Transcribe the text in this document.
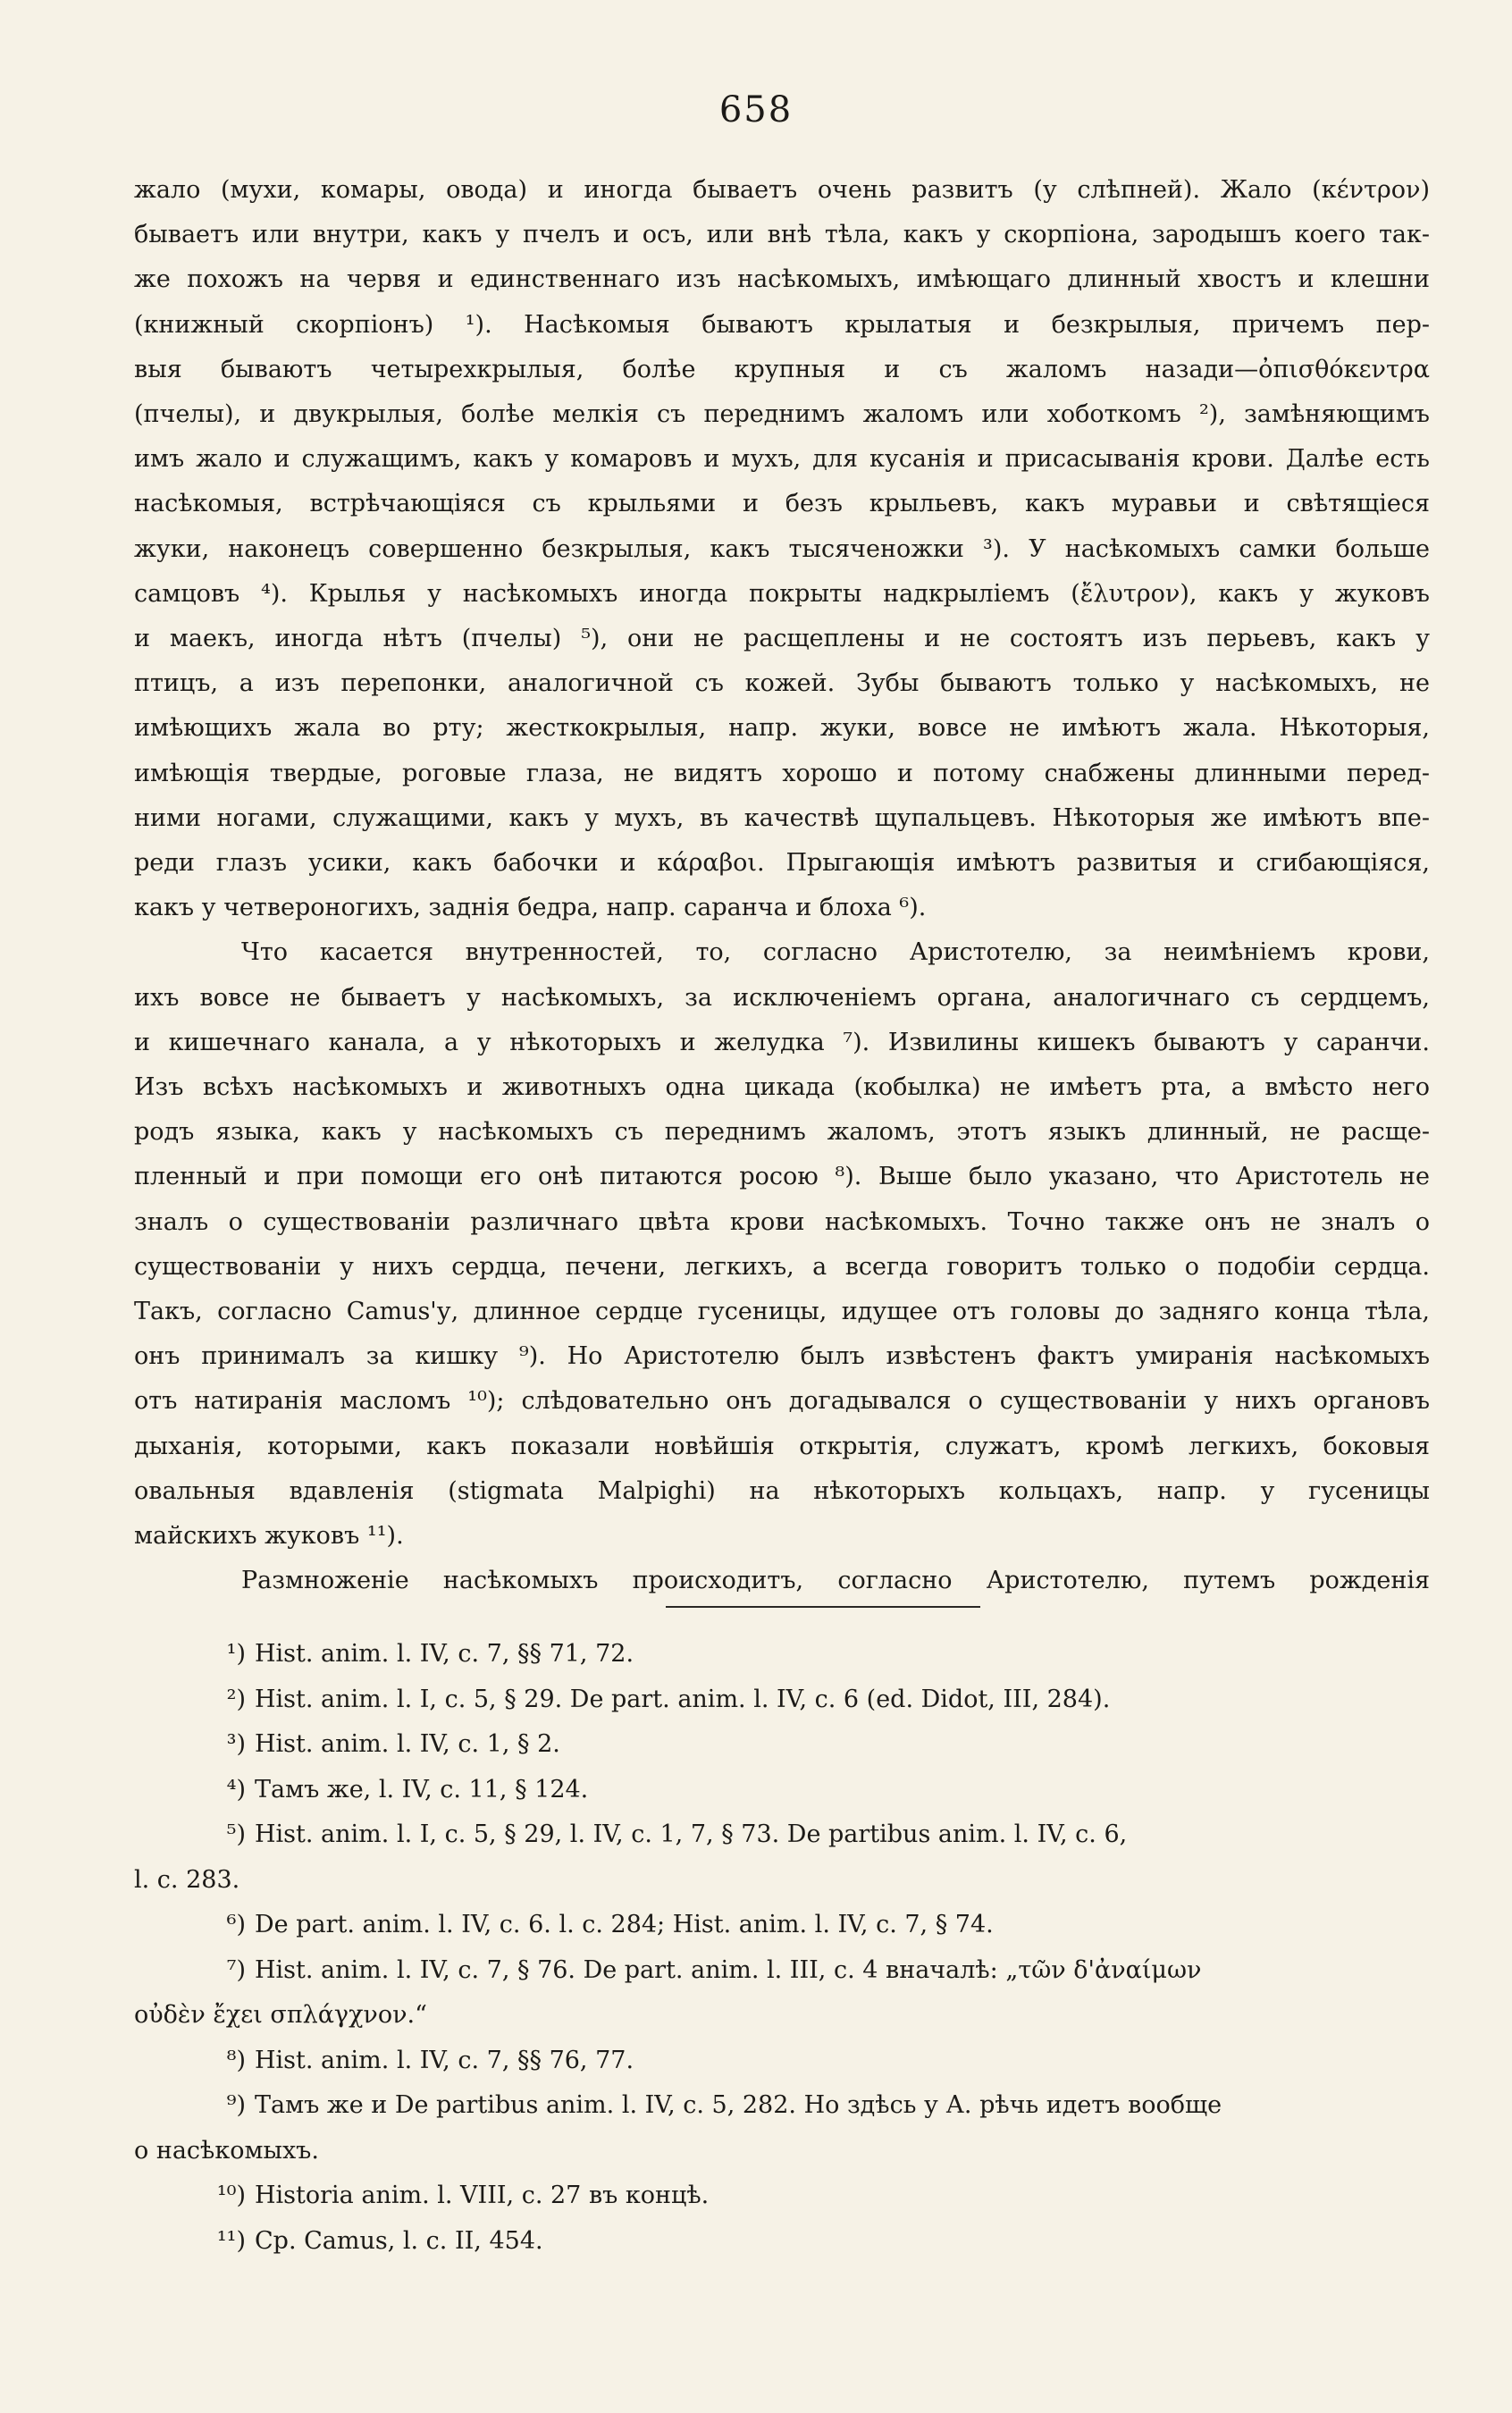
658

жало (мухи, комары, овода) и иногда бываетъ очень развитъ (у слѣпней). Жало (κέντρον)

бываетъ или внутри, какъ у пчелъ и осъ, или внѣ тѣла, какъ у скорпіона, зародышъ коего так-

же похожъ на червя и единственнаго изъ насѣкомыхъ, имѣющаго длинный хвостъ и клешни

(книжный скорпіонъ) ¹). Насѣкомыя бываютъ крылатыя и безкрылыя, причемъ пер-

выя бываютъ четырехкрылыя, болѣе крупныя и съ жаломъ назади—ὀπισθόκεντρα

(пчелы), и двукрылыя, болѣе мелкія съ переднимъ жаломъ или хоботкомъ ²), замѣняющимъ

имъ жало и служащимъ, какъ у комаровъ и мухъ, для кусанія и присасыванія крови. Далѣе есть

насѣкомыя, встрѣчающіяся съ крыльями и безъ крыльевъ, какъ муравьи и свѣтящіеся

жуки, наконецъ совершенно безкрылыя, какъ тысяченожки ³). У насѣкомыхъ самки больше

самцовъ ⁴). Крылья у насѣкомыхъ иногда покрыты надкрыліемъ (ἔλυτρον), какъ у жуковъ

и маекъ, иногда нѣтъ (пчелы) ⁵), они не расщеплены и не состоятъ изъ перьевъ, какъ у

птицъ, а изъ перепонки, аналогичной съ кожей. Зубы бываютъ только у насѣкомыхъ, не

имѣющихъ жала во рту; жесткокрылыя, напр. жуки, вовсе не имѣютъ жала. Нѣкоторыя,

имѣющія твердые, роговые глаза, не видятъ хорошо и потому снабжены длинными перед-

ними ногами, служащими, какъ у мухъ, въ качествѣ щупальцевъ. Нѣкоторыя же имѣютъ впе-

реди глазъ усики, какъ бабочки и κάραβοι. Прыгающія имѣютъ развитыя и сгибающіяся,

какъ у четвероногихъ, заднія бедра, напр. саранча и блоха ⁶).

Что касается внутренностей, то, согласно Аристотелю, за неимѣніемъ крови,

ихъ вовсе не бываетъ у насѣкомыхъ, за исключеніемъ органа, аналогичнаго съ сердцемъ,

и кишечнаго канала, а у нѣкоторыхъ и желудка ⁷). Извилины кишекъ бываютъ у саранчи.

Изъ всѣхъ насѣкомыхъ и животныхъ одна цикада (кобылка) не имѣетъ рта, а вмѣсто него

родъ языка, какъ у насѣкомыхъ съ переднимъ жаломъ, этотъ языкъ длинный, не расще-

пленный и при помощи его онѣ питаются росою ⁸). Выше было указано, что Аристотель не

зналъ о существованіи различнаго цвѣта крови насѣкомыхъ. Точно также онъ не зналъ о

существованіи у нихъ сердца, печени, легкихъ, а всегда говоритъ только о подобіи сердца.

Такъ, согласно Camus'у, длинное сердце гусеницы, идущее отъ головы до задняго конца тѣла,

онъ принималъ за кишку ⁹). Но Аристотелю былъ извѣстенъ фактъ умиранія насѣкомыхъ

отъ натиранія масломъ ¹⁰); слѣдовательно онъ догадывался о существованіи у нихъ органовъ

дыханія, которыми, какъ показали новѣйшія открытія, служатъ, кромѣ легкихъ, боковыя

овальныя вдавленія (stigmata Malpighi) на нѣкоторыхъ кольцахъ, напр. у гусеницы

майскихъ жуковъ ¹¹).

Размноженіе насѣкомыхъ происходитъ, согласно Аристотелю, путемъ рожденія

¹) Hist. anim. l. IV, c. 7, §§ 71, 72.

²) Hist. anim. l. I, c. 5, § 29. De part. anim. l. IV, c. 6 (ed. Didot, III, 284).

³) Hist. anim. l. IV, c. 1, § 2.

⁴) Тамъ же, l. IV, c. 11, § 124.

⁵) Hist. anim. l. I, c. 5, § 29, l. IV, c. 1, 7, § 73. De partibus anim. l. IV, c. 6,
l. c. 283.

⁶) De part. anim. l. IV, c. 6. l. c. 284; Hist. anim. l. IV, c. 7, § 74.

⁷) Hist. anim. l. IV, c. 7, § 76. De part. anim. l. III, c. 4 вначалѣ: „τῶν δ'ἀναίμων
οὐδὲν ἔχει σπλάγχνον.“

⁸) Hist. anim. l. IV, c. 7, §§ 76, 77.

⁹) Тамъ же и De partibus anim. l. IV, c. 5, 282. Но здѣсь у А. рѣчь идетъ вообще
о насѣкомыхъ.

¹⁰) Historia anim. l. VIII, c. 27 въ концѣ.

¹¹) Ср. Camus, l. c. II, 454.
